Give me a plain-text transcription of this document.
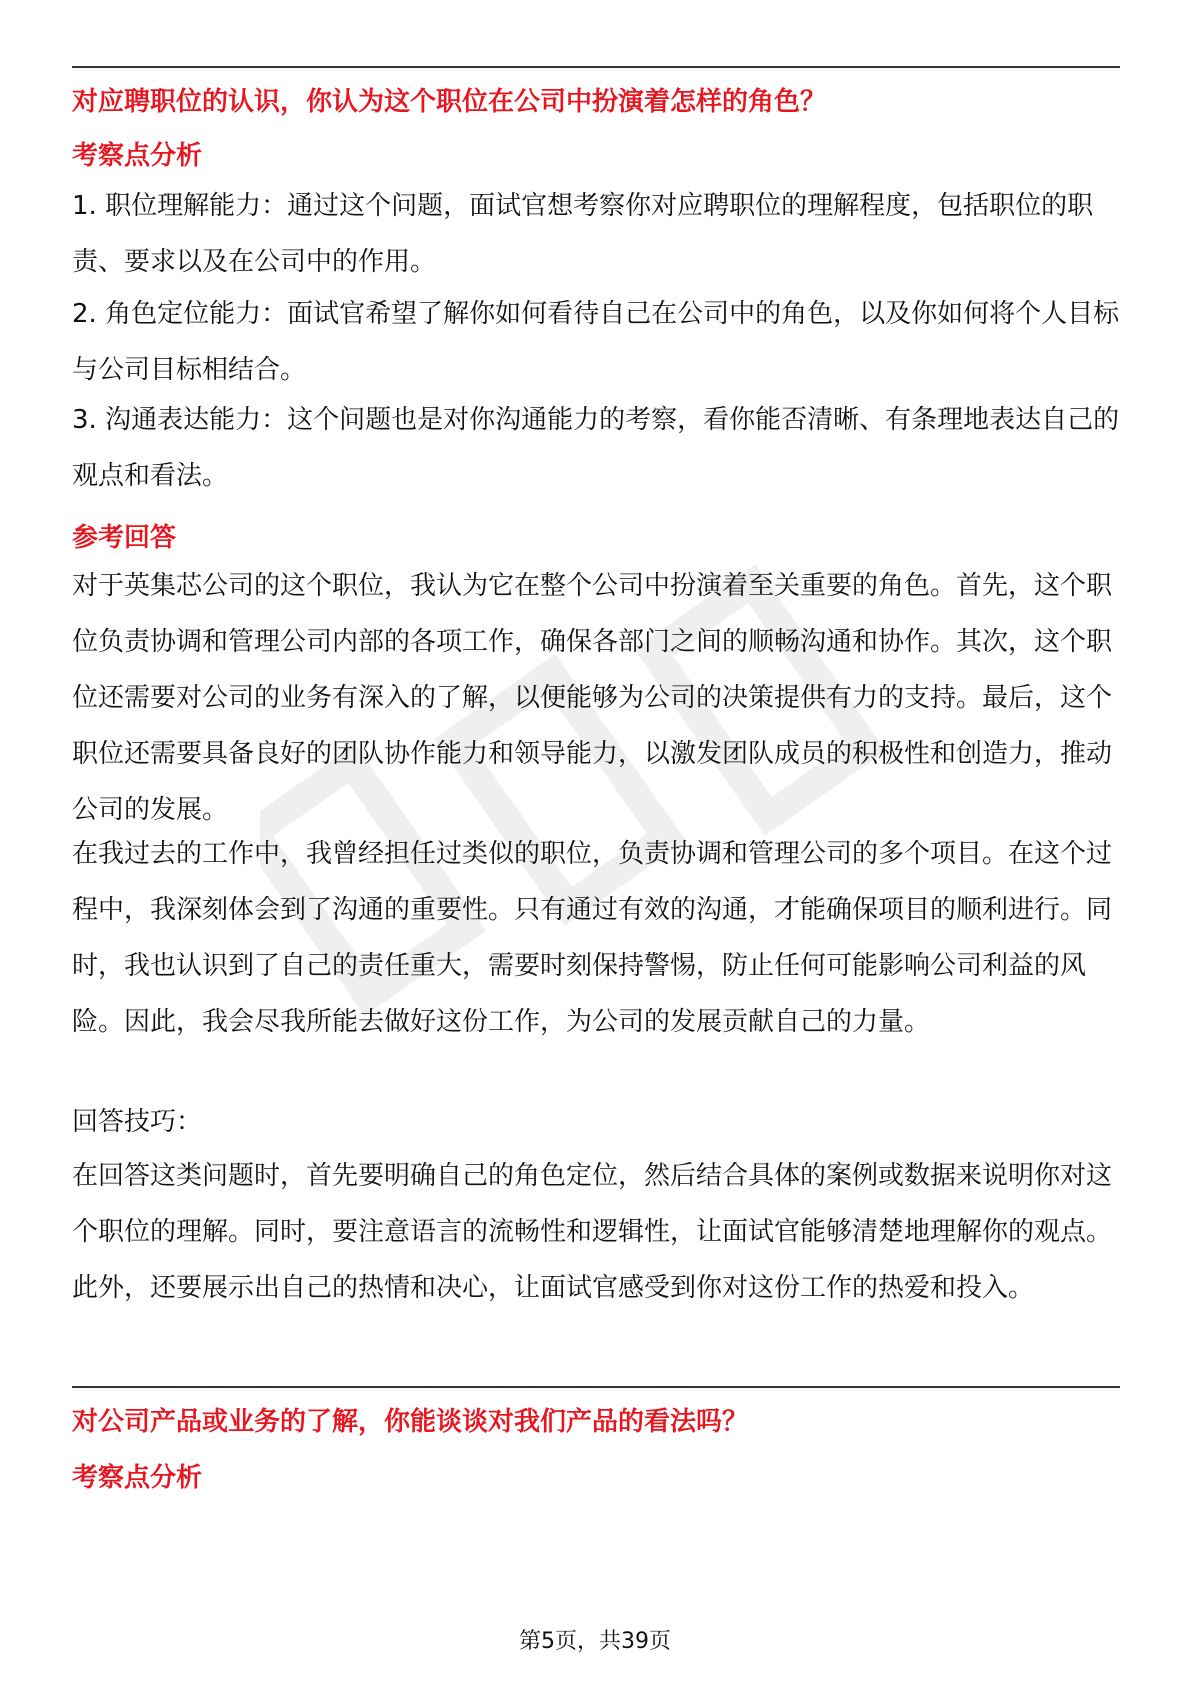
对应聘职位的认识，你认为这个职位在公司中扮演着怎样的角色？
考察点分析
1. 职位理解能力：通过这个问题，面试官想考察你对应聘职位的理解程度，包括职位的职责、要求以及在公司中的作用。
2. 角色定位能力：面试官希望了解你如何看待自己在公司中的角色，以及你如何将个人目标与公司目标相结合。
3. 沟通表达能力：这个问题也是对你沟通能力的考察，看你能否清晰、有条理地表达自己的观点和看法。
参考回答
对于英集芯公司的这个职位，我认为它在整个公司中扮演着至关重要的角色。首先，这个职位负责协调和管理公司内部的各项工作，确保各部门之间的顺畅沟通和协作。其次，这个职位还需要对公司的业务有深入的了解，以便能够为公司的决策提供有力的支持。最后，这个职位还需要具备良好的团队协作能力和领导能力，以激发团队成员的积极性和创造力，推动公司的发展。
在我过去的工作中，我曾经担任过类似的职位，负责协调和管理公司的多个项目。在这个过程中，我深刻体会到了沟通的重要性。只有通过有效的沟通，才能确保项目的顺利进行。同时，我也认识到了自己的责任重大，需要时刻保持警惕，防止任何可能影响公司利益的风险。因此，我会尽我所能去做好这份工作，为公司的发展贡献自己的力量。
回答技巧：
在回答这类问题时，首先要明确自己的角色定位，然后结合具体的案例或数据来说明你对这个职位的理解。同时，要注意语言的流畅性和逻辑性，让面试官能够清楚地理解你的观点。此外，还要展示出自己的热情和决心，让面试官感受到你对这份工作的热爱和投入。
对公司产品或业务的了解，你能谈谈对我们产品的看法吗？
考察点分析
第5页，共39页
